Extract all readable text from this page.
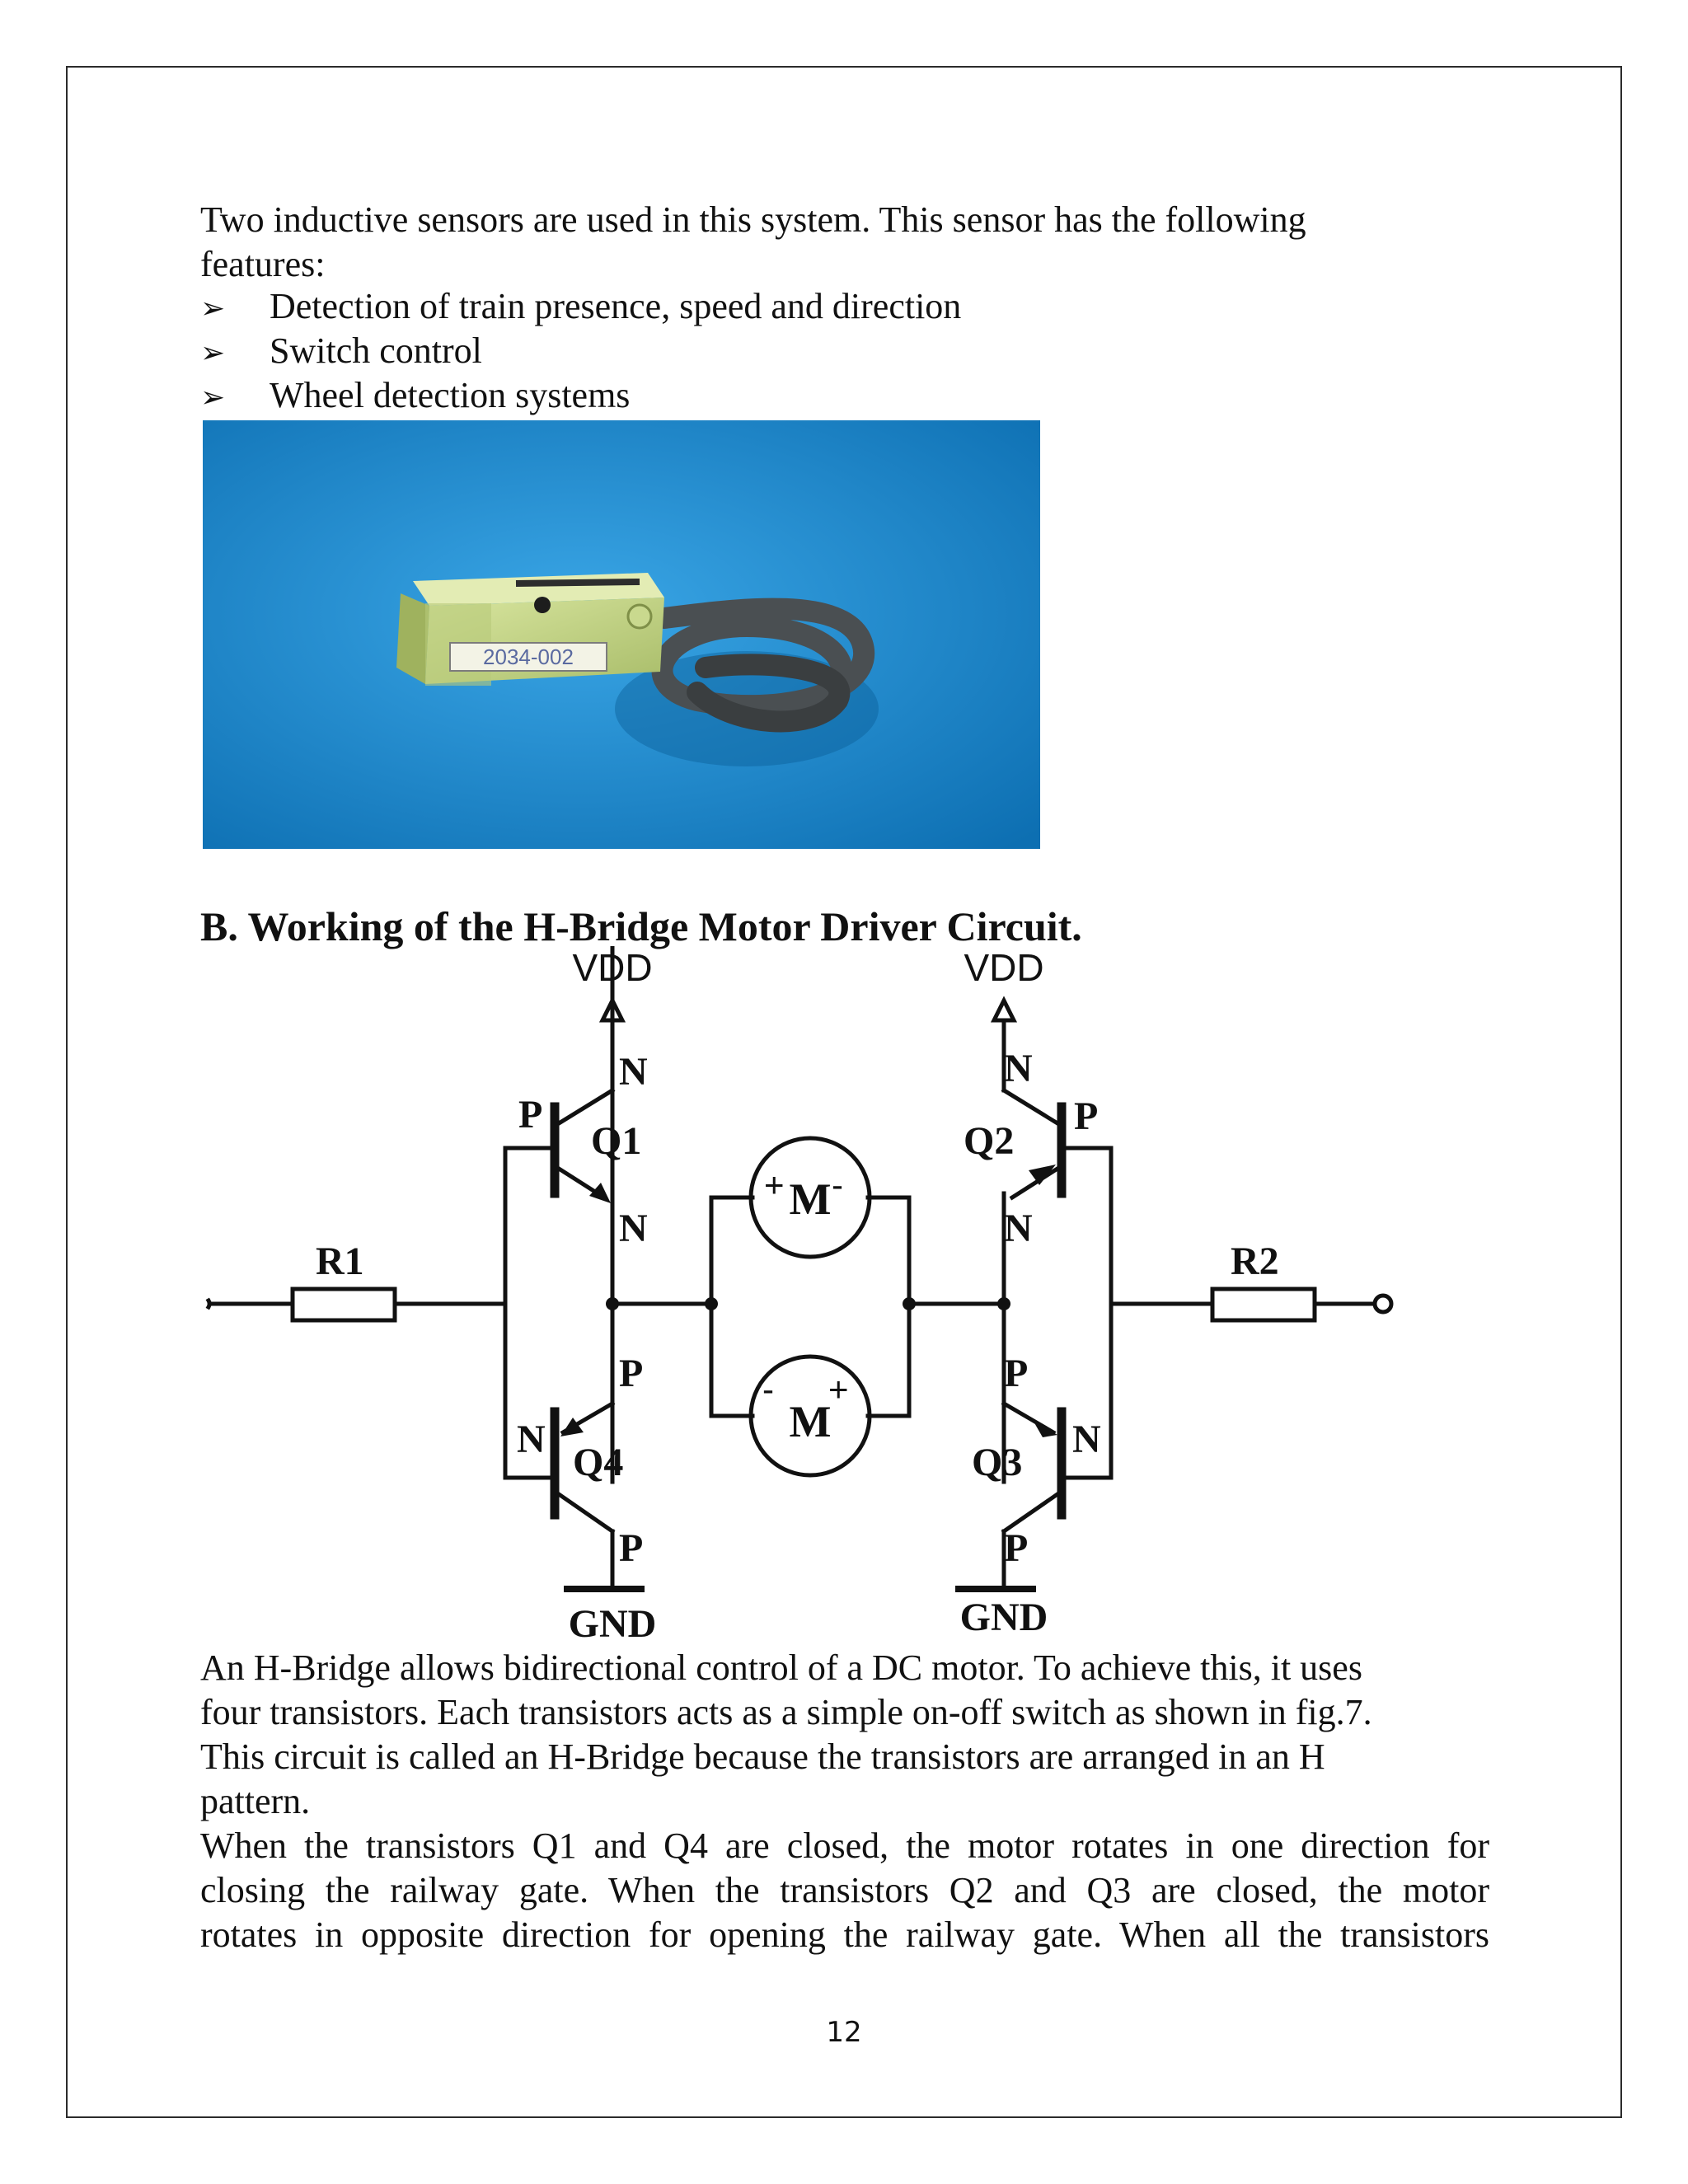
Two inductive sensors are used in this system. This sensor has the following
features:

➢	Detection of train presence, speed and direction
➢	Switch control
➢	Wheel detection systems
2034-002
B. Working of the H-Bridge Motor Driver Circuit.
VDD	VDD
R1	R2
Q1	Q2
Q3
Q4
GND	GND
M
M
N
P
N
P
N
P
N
P
N
P
N
P
+ -
- +

An H-Bridge allows bidirectional control of a DC motor. To achieve this, it uses
four transistors. Each transistors acts as a simple on-off switch as shown in fig.7.
This circuit is called an H-Bridge because the transistors are arranged in an H
pattern.

When the transistors Q1 and Q4 are closed, the motor rotates in one direction for
closing the railway gate. When the transistors Q2 and Q3 are closed, the motor
rotates in opposite direction for opening the railway gate. When all the transistors

12
